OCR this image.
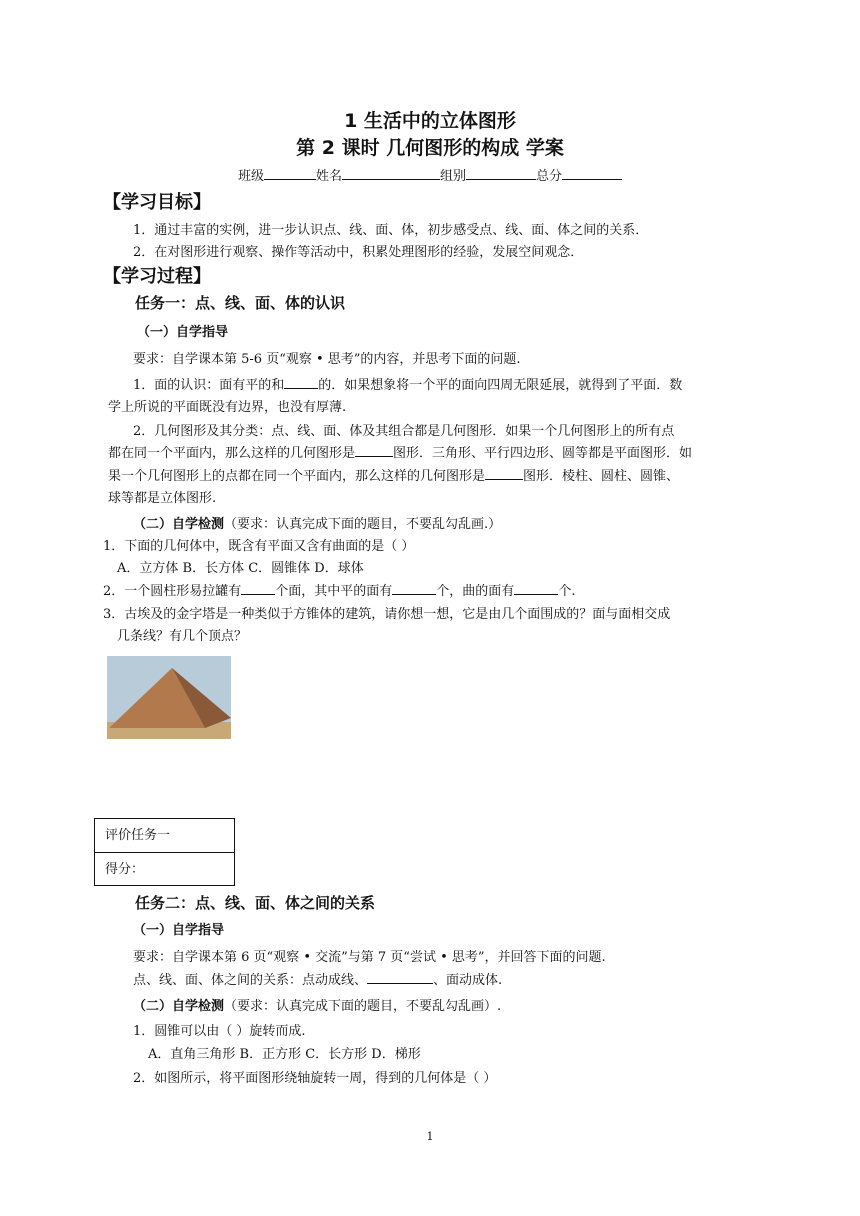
1 生活中的立体图形
第 2 课时 几何图形的构成 学案
班级	姓名	组别	总分
【学习目标】
1．通过丰富的实例，进一步认识点、线、面、体，初步感受点、线、面、体之间的关系．
2．在对图形进行观察、操作等活动中，积累处理图形的经验，发展空间观念．
【学习过程】
任务一：点、线、面、体的认识
（一）自学指导
要求：自学课本第 5-6 页“观察 • 思考”的内容，并思考下面的问题.
1．面的认识：面有平的和	的．如果想象将一个平的面向四周无限延展，就得到了平面．数
学上所说的平面既没有边界，也没有厚薄.
2．几何图形及其分类：点、线、面、体及其组合都是几何图形．如果一个几何图形上的所有点
都在同一个平面内，那么这样的几何图形是	图形．三角形、平行四边形、圆等都是平面图形．如
果一个几何图形上的点都在同一个平面内，那么这样的几何图形是	图形．棱柱、圆柱、圆锥、
球等都是立体图形.
（二）自学检测（要求：认真完成下面的题目，不要乱勾乱画.）
1．下面的几何体中，既含有平面又含有曲面的是（ ）
A．立方体 B．长方体 C．圆锥体 D．球体
2．一个圆柱形易拉罐有	个面，其中平的面有	个，曲的面有	个.
3．古埃及的金字塔是一种类似于方锥体的建筑，请你想一想，它是由几个面围成的？面与面相交成
几条线？有几个顶点？
评价任务一
得分：
任务二：点、线、面、体之间的关系
（一）自学指导
要求：自学课本第 6 页“观察 • 交流”与第 7 页“尝试 • 思考”，并回答下面的问题.
点、线、面、体之间的关系：点动成线、	、面动成体.
（二）自学检测（要求：认真完成下面的题目，不要乱勾乱画）.
1．圆锥可以由（ ）旋转而成.
A．直角三角形 B．正方形 C．长方形 D．梯形
2．如图所示，将平面图形绕轴旋转一周，得到的几何体是（ ）
1
